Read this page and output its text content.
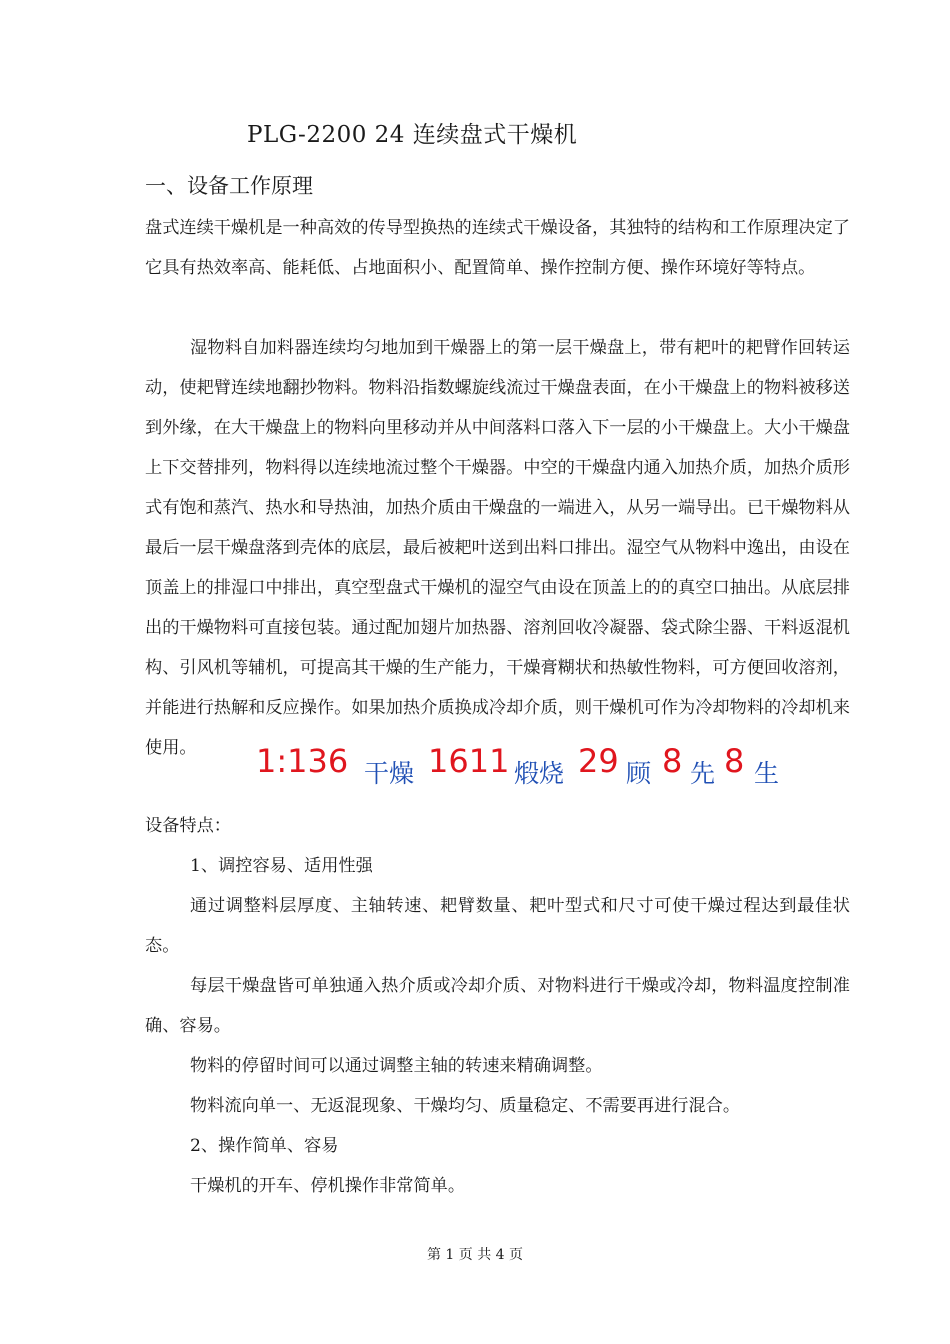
PLG-2200 24 连续盘式干燥机
一、设备工作原理
盘式连续干燥机是一种高效的传导型换热的连续式干燥设备，其独特的结构和工作原理决定了它具有热效率高、能耗低、占地面积小、配置简单、操作控制方便、操作环境好等特点。
湿物料自加料器连续均匀地加到干燥器上的第一层干燥盘上，带有耙叶的耙臂作回转运动，使耙臂连续地翻抄物料。物料沿指数螺旋线流过干燥盘表面，在小干燥盘上的物料被移送到外缘，在大干燥盘上的物料向里移动并从中间落料口落入下一层的小干燥盘上。大小干燥盘上下交替排列，物料得以连续地流过整个干燥器。中空的干燥盘内通入加热介质，加热介质形式有饱和蒸汽、热水和导热油，加热介质由干燥盘的一端进入，从另一端导出。已干燥物料从最后一层干燥盘落到壳体的底层，最后被耙叶送到出料口排出。湿空气从物料中逸出，由设在顶盖上的排湿口中排出，真空型盘式干燥机的湿空气由设在顶盖上的的真空口抽出。从底层排出的干燥物料可直接包装。通过配加翅片加热器、溶剂回收冷凝器、袋式除尘器、干料返混机构、引风机等辅机，可提高其干燥的生产能力，干燥膏糊状和热敏性物料，可方便回收溶剂，并能进行热解和反应操作。如果加热介质换成冷却介质，则干燥机可作为冷却物料的冷却机来使用。	1:136 干燥 1611 煅烧 29 顾 8 先 8 生
设备特点：
1、调控容易、适用性强
通过调整料层厚度、主轴转速、耙臂数量、耙叶型式和尺寸可使干燥过程达到最佳状态。
每层干燥盘皆可单独通入热介质或冷却介质、对物料进行干燥或冷却，物料温度控制准确、容易。
物料的停留时间可以通过调整主轴的转速来精确调整。
物料流向单一、无返混现象、干燥均匀、质量稳定、不需要再进行混合。
2、操作简单、容易
干燥机的开车、停机操作非常简单。
第 1 页 共 4 页
